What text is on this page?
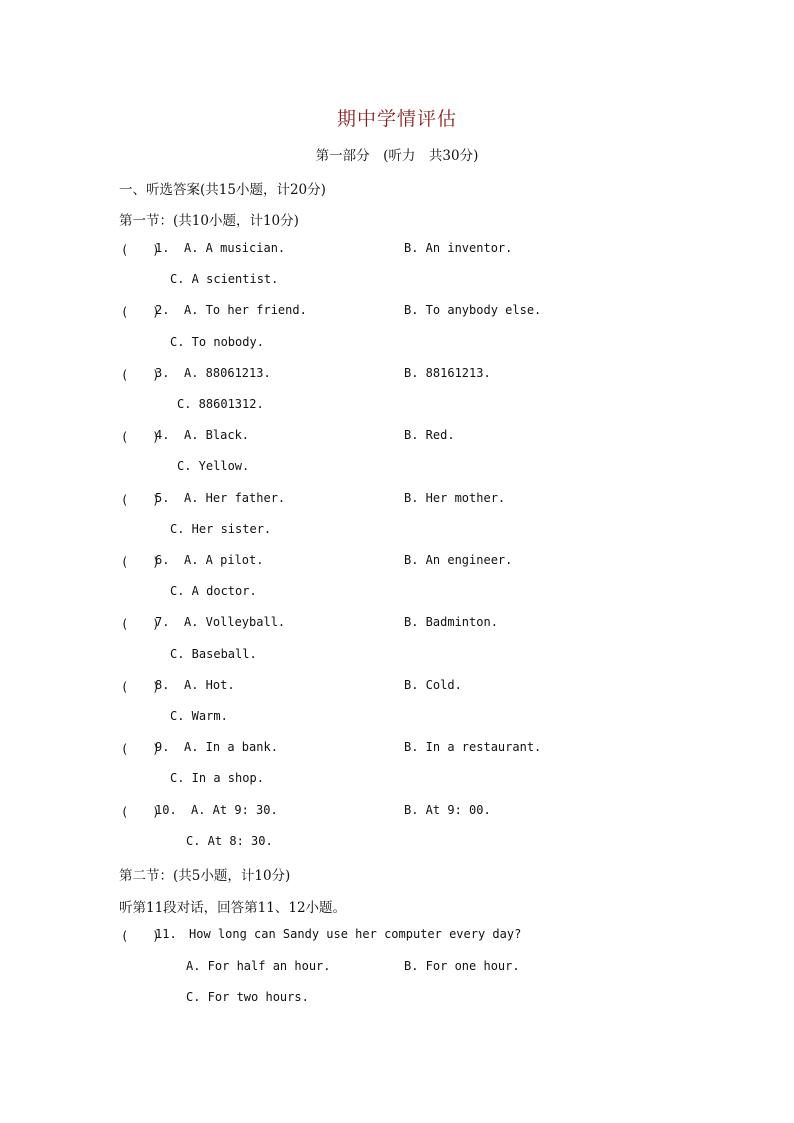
期中学情评估
第一部分　(听力　共30分)
一、听选答案(共15小题，计20分)
第一节：(共10小题，计10分)
(　　)
1. A. A musician.	B. An inventor.
C. A scientist.
(　　)
2. A. To her friend.	B. To anybody else.
C. To nobody.
(　　)
3. A. 88061213.	B. 88161213.
C. 88601312.
(　　)
4. A. Black.	B. Red.
C. Yellow.
(　　)
5. A. Her father.	B. Her mother.
C. Her sister.
(　　)
6. A. A pilot.	B. An engineer.
C. A doctor.
(　　)
7. A. Volleyball.	B. Badminton.
C. Baseball.
(　　)
8. A. Hot.	B. Cold.
C. Warm.
(　　)
9. A. In a bank.	B. In a restaurant.
C. In a shop.
(　　)
10. A. At 9: 30.	B. At 9: 00.
C. At 8: 30.
第二节：(共5小题，计10分)
听第11段对话，回答第11、12小题。
(　　)
11. How long can Sandy use her computer every day?
A. For half an hour.	B. For one hour.
C. For two hours.
